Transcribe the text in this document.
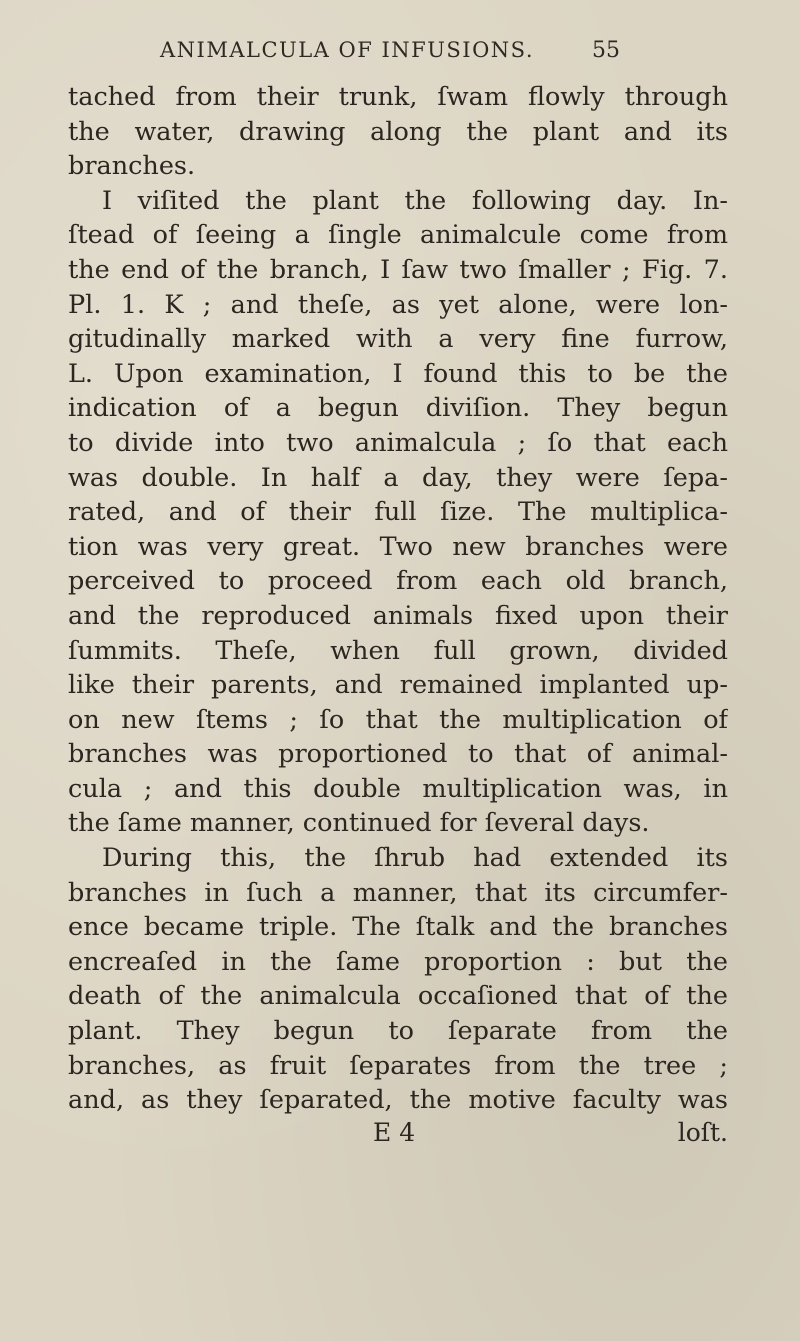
ANIMALCULA OF INFUSIONS.	55
tached from their trunk, ſwam flowly through
the water, drawing along the plant and its
branches.
I viſited the plant the following day. In-
ſtead of ſeeing a ſingle animalcule come from
the end of the branch, I ſaw two ſmaller ; Fig. 7.
Pl. 1. K ; and theſe, as yet alone, were lon-
gitudinally marked with a very fine furrow,
L. Upon examination, I found this to be the
indication of a begun diviſion. They begun
to divide into two animalcula ; ſo that each
was double. In half a day, they were ſepa-
rated, and of their full ſize. The multiplica-
tion was very great. Two new branches were
perceived to proceed from each old branch,
and the reproduced animals fixed upon their
ſummits. Theſe, when full grown, divided
like their parents, and remained implanted up-
on new ſtems ; ſo that the multiplication of
branches was proportioned to that of animal-
cula ; and this double multiplication was, in
the ſame manner, continued for ſeveral days.
During this, the ſhrub had extended its
branches in ſuch a manner, that its circumfer-
ence became triple. The ſtalk and the branches
encreaſed in the ſame proportion : but the
death of the animalcula occaſioned that of the
plant. They begun to ſeparate from the
branches, as fruit ſeparates from the tree ;
and, as they ſeparated, the motive faculty was
E 4	loſt.
